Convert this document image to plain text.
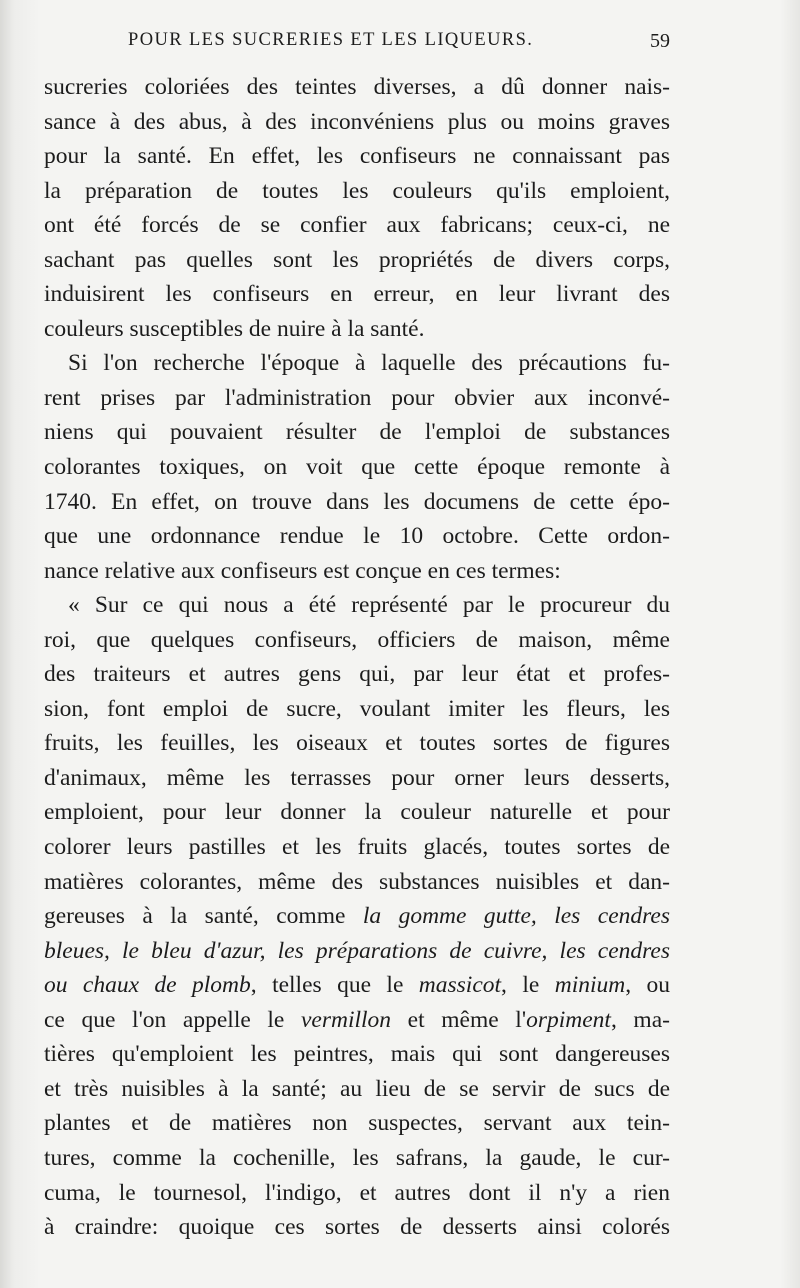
POUR LES SUCRERIES ET LES LIQUEURS.	59
sucreries coloriées des teintes diverses, a dû donner nais-
sance à des abus, à des inconvéniens plus ou moins graves
pour la santé. En effet, les confiseurs ne connaissant pas
la préparation de toutes les couleurs qu'ils emploient,
ont été forcés de se confier aux fabricans; ceux-ci, ne
sachant pas quelles sont les propriétés de divers corps,
induisirent les confiseurs en erreur, en leur livrant des
couleurs susceptibles de nuire à la santé.
Si l'on recherche l'époque à laquelle des précautions fu-
rent prises par l'administration pour obvier aux inconvé-
niens qui pouvaient résulter de l'emploi de substances
colorantes toxiques, on voit que cette époque remonte à
1740. En effet, on trouve dans les documens de cette épo-
que une ordonnance rendue le 10 octobre. Cette ordon-
nance relative aux confiseurs est conçue en ces termes:
« Sur ce qui nous a été représenté par le procureur du
roi, que quelques confiseurs, officiers de maison, même
des traiteurs et autres gens qui, par leur état et profes-
sion, font emploi de sucre, voulant imiter les fleurs, les
fruits, les feuilles, les oiseaux et toutes sortes de figures
d'animaux, même les terrasses pour orner leurs desserts,
emploient, pour leur donner la couleur naturelle et pour
colorer leurs pastilles et les fruits glacés, toutes sortes de
matières colorantes, même des substances nuisibles et dan-
gereuses à la santé, comme la gomme gutte, les cendres
bleues, le bleu d'azur, les préparations de cuivre, les cendres
ou chaux de plomb, telles que le massicot, le minium, ou
ce que l'on appelle le vermillon et même l'orpiment, ma-
tières qu'emploient les peintres, mais qui sont dangereuses
et très nuisibles à la santé; au lieu de se servir de sucs de
plantes et de matières non suspectes, servant aux tein-
tures, comme la cochenille, les safrans, la gaude, le cur-
cuma, le tournesol, l'indigo, et autres dont il n'y a rien
à craindre: quoique ces sortes de desserts ainsi colorés
